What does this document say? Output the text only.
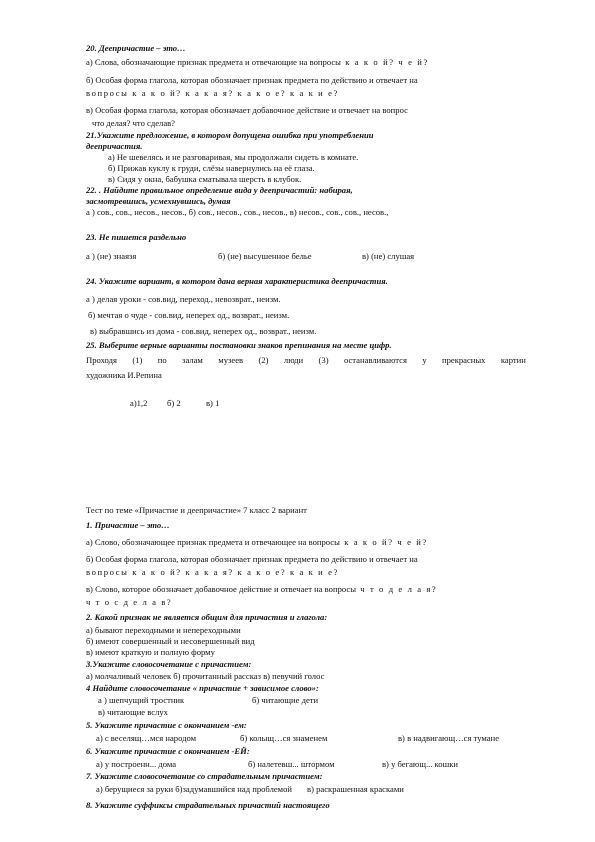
20. Деепричастие – это…
а) Слова, обозначающие признак предмета и отвечающие на вопросы к а к о й? ч е й?
б) Особая форма глагола, которая обозначает признак предмета по действию и отвечает на
вопросы к а к о й? к а к а я? к а к о е? к а к и е?
в) Особая форма глагола, которая обозначает добавочное действие и отвечает на вопрос
что делая? что сделав?
21.Укажите предложение, в котором допущена ошибка при употреблении
деепричастия.
а) Не шевелясь и не разговаривая, мы продолжали сидеть в комнате.
б) Прижав куклу к груди, слёзы навернулись на её глаза.
в) Сидя у окна, бабушка сматывала шерсть в клубок.
22. . Найдите правильное определение вида у деепричастий: набирая,
засмотревшись, усмехнувшись, думая
а ) сов., сов., несов., несов., б) сов., несов., сов., несов., в) несов., сов., сов., несов.,
23. Не пишется раздельно
а ) (не) знаязя	б) (не) высушенное белье	в) (не) слушая
24. Укажите вариант, в котором дана верная характеристика деепричастия.
а ) делая уроки - сов.вид, переход., невозврат., неизм.
б) мечтая о чуде - сов.вид, неперех од., возврат., неизм.
в) выбравшись из дома - сов.вид, неперех од., возврат., неизм.
25. Выберите верные варианты постановки знаков препинания на месте цифр.
Проходя (1) по залам музеев (2) люди (3) останавливаются у прекрасных картин
художника И.Репина
а)1,2 б) 2	в) 1
Тест по теме «Причастие и деепричастие» 7 класс 2 вариант
1. Причастие – это…
а) Слово, обозначающее признак предмета и отвечающее на вопросы к а к о й? ч е й?
б) Особая форма глагола, которая обозначает признак предмета по действию и отвечает на
вопросы к а к о й? к а к а я? к а к о е? к а к и е?
в) Слово, которое обозначает добавочное действие и отвечает на вопросы ч т о д е л а я?
ч т о с д е л а в?
2. Какой признак не является общим для причастия и глагола:
а) бывают переходными и непереходными
б) имеют совершенный и несовершенный вид
в) имеют краткую и полную форму
3.Укажите словосочетание с причастием:
а) молчаливый человек б) прочитанный рассказ в) певучий голос
4 Найдите словосочетание « причастие + зависимое слово»:
а ) шепчущий тростник	б) читающие дети
в) читающие вслух
5. Укажите причастие с окончанием -ем:
а) с веселящ…мся народом	б) колыщ…ся знаменем	в) в надвигающ…ся тумане
6. Укажите причастие с окончанием -ЕЙ:
а) у построенн... дома	б) налетевш... штормом	в) у бегающ... кошки
7. Укажите словосочетание со страдательным причастием:
а) берущиеся за руки б)задумавшийся над проблемой       в) раскрашенная красками
8. Укажите суффиксы страдательных причастий настоящего
